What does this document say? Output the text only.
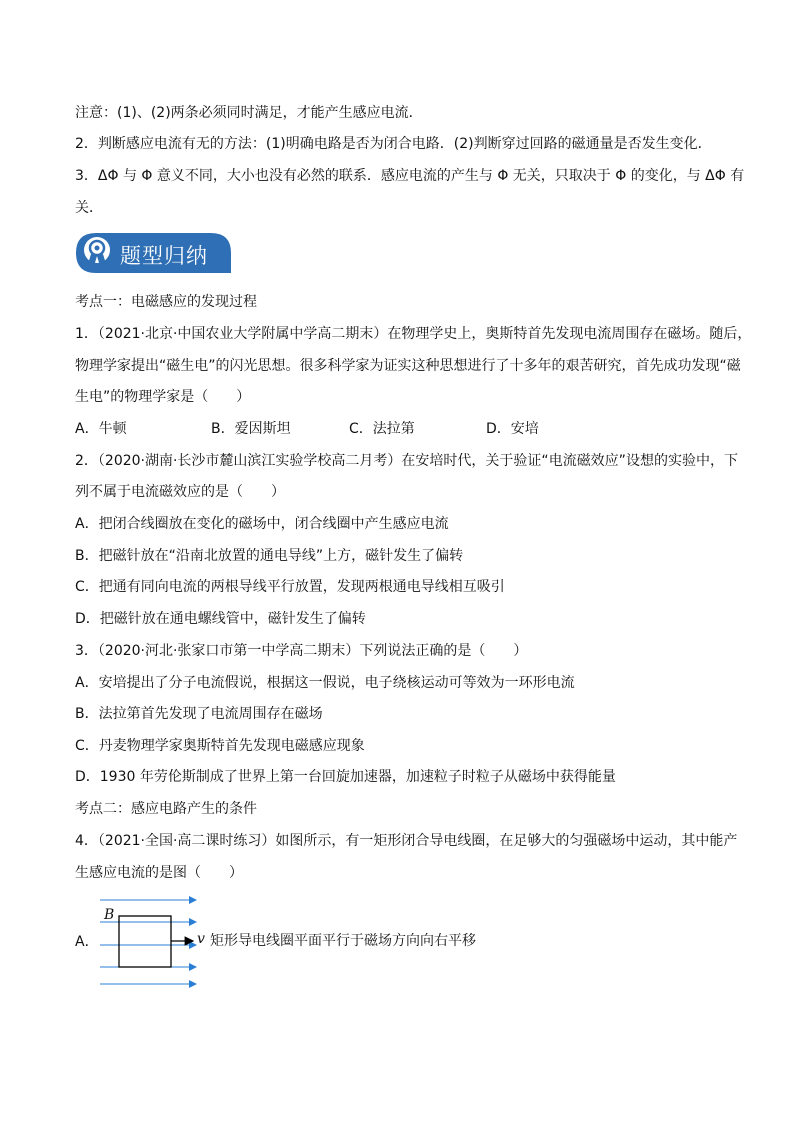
注意：(1)、(2)两条必须同时满足，才能产生感应电流．
2．判断感应电流有无的方法：(1)明确电路是否为闭合电路．(2)判断穿过回路的磁通量是否发生变化．
3．ΔΦ 与 Φ 意义不同，大小也没有必然的联系．感应电流的产生与 Φ 无关，只取决于 Φ 的变化，与 ΔΦ 有
关．
题型归纳
考点一：电磁感应的发现过程
1．（2021·北京·中国农业大学附属中学高二期末）在物理学史上，奥斯特首先发现电流周围存在磁场。随后，
物理学家提出“磁生电”的闪光思想。很多科学家为证实这种思想进行了十多年的艰苦研究，首先成功发现“磁
生电”的物理学家是（　　）
A．牛顿	B．爱因斯坦	C．法拉第	D．安培
2．（2020·湖南·长沙市麓山滨江实验学校高二月考）在安培时代，关于验证“电流磁效应”设想的实验中，下
列不属于电流磁效应的是（　　）
A．把闭合线圈放在变化的磁场中，闭合线圈中产生感应电流
B．把磁针放在“沿南北放置的通电导线”上方，磁针发生了偏转
C．把通有同向电流的两根导线平行放置，发现两根通电导线相互吸引
D．把磁针放在通电螺线管中，磁针发生了偏转
3．（2020·河北·张家口市第一中学高二期末）下列说法正确的是（　　）
A．安培提出了分子电流假说，根据这一假说，电子绕核运动可等效为一环形电流
B．法拉第首先发现了电流周围存在磁场
C．丹麦物理学家奥斯特首先发现电磁感应现象
D．1930 年劳伦斯制成了世界上第一台回旋加速器，加速粒子时粒子从磁场中获得能量
考点二：感应电路产生的条件
4．（2021·全国·高二课时练习）如图所示，有一矩形闭合导电线圈，在足够大的匀强磁场中运动，其中能产
生感应电流的是图（　　）
A．
B
v 矩形导电线圈平面平行于磁场方向向右平移
